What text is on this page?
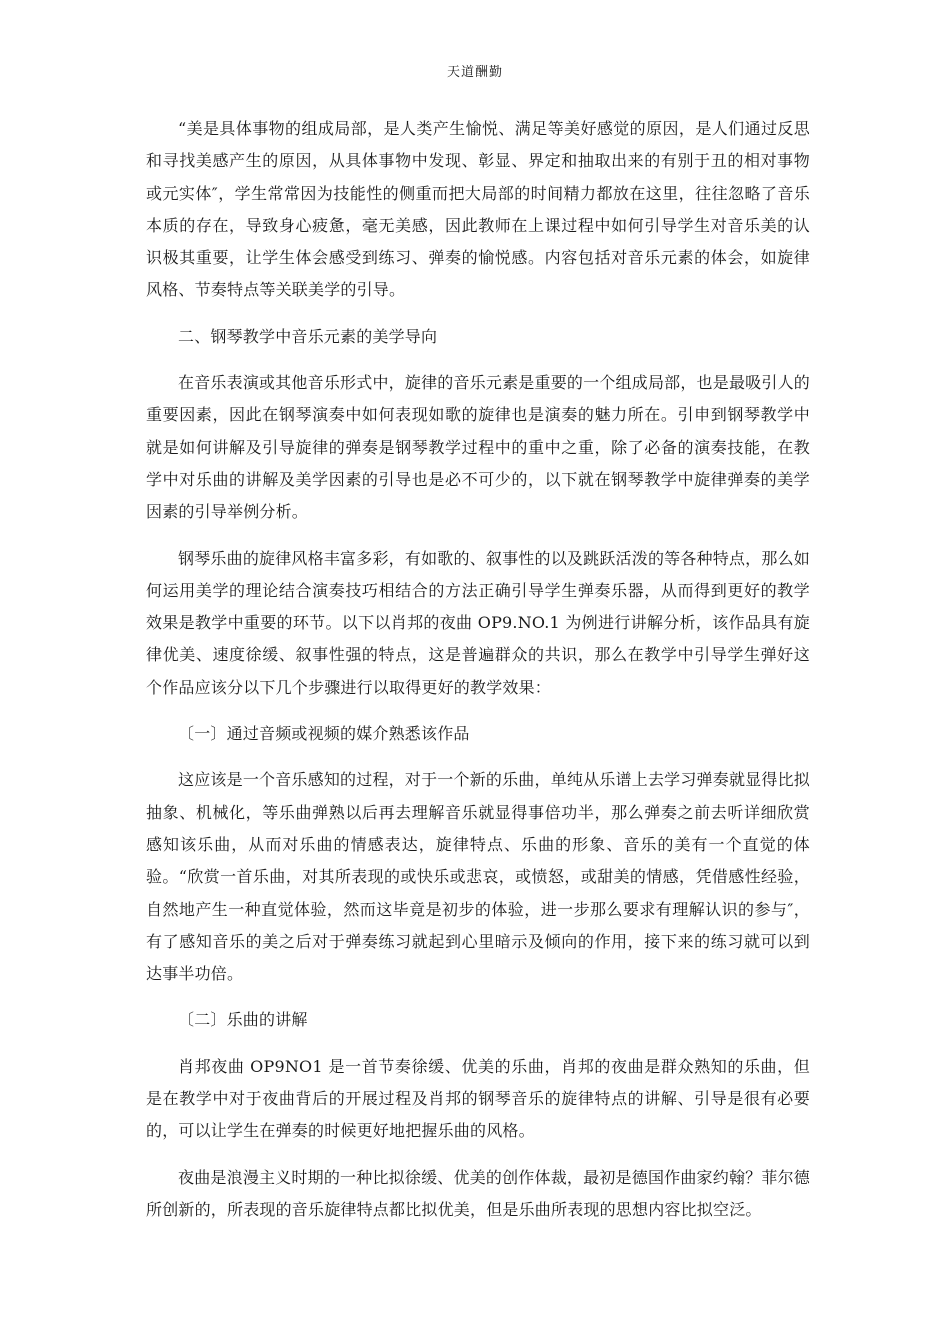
天道酬勤

“美是具体事物的组成局部，是人类产生愉悦、满足等美好感觉的原因，是人们通过反思和寻找美感产生的原因，从具体事物中发现、彰显、界定和抽取出来的有别于丑的相对事物或元实体″，学生常常因为技能性的侧重而把大局部的时间精力都放在这里，往往忽略了音乐本质的存在，导致身心疲惫，毫无美感，因此教师在上课过程中如何引导学生对音乐美的认识极其重要，让学生体会感受到练习、弹奏的愉悦感。内容包括对音乐元素的体会，如旋律风格、节奏特点等关联美学的引导。

二、钢琴教学中音乐元素的美学导向

在音乐表演或其他音乐形式中，旋律的音乐元素是重要的一个组成局部，也是最吸引人的重要因素，因此在钢琴演奏中如何表现如歌的旋律也是演奏的魅力所在。引申到钢琴教学中就是如何讲解及引导旋律的弹奏是钢琴教学过程中的重中之重，除了必备的演奏技能，在教学中对乐曲的讲解及美学因素的引导也是必不可少的，以下就在钢琴教学中旋律弹奏的美学因素的引导举例分析。

钢琴乐曲的旋律风格丰富多彩，有如歌的、叙事性的以及跳跃活泼的等各种特点，那么如何运用美学的理论结合演奏技巧相结合的方法正确引导学生弹奏乐器，从而得到更好的教学效果是教学中重要的环节。以下以肖邦的夜曲 OP9.NO.1 为例进行讲解分析，该作品具有旋律优美、速度徐缓、叙事性强的特点，这是普遍群众的共识，那么在教学中引导学生弹好这个作品应该分以下几个步骤进行以取得更好的教学效果：

〔一〕通过音频或视频的媒介熟悉该作品

这应该是一个音乐感知的过程，对于一个新的乐曲，单纯从乐谱上去学习弹奏就显得比拟抽象、机械化，等乐曲弹熟以后再去理解音乐就显得事倍功半，那么弹奏之前去听详细欣赏感知该乐曲，从而对乐曲的情感表达，旋律特点、乐曲的形象、音乐的美有一个直觉的体验。“欣赏一首乐曲，对其所表现的或快乐或悲哀，或愤怒，或甜美的情感，凭借感性经验，自然地产生一种直觉体验，然而这毕竟是初步的体验，进一步那么要求有理解认识的参与″，有了感知音乐的美之后对于弹奏练习就起到心里暗示及倾向的作用，接下来的练习就可以到达事半功倍。

〔二〕乐曲的讲解

肖邦夜曲 OP9NO1 是一首节奏徐缓、优美的乐曲，肖邦的夜曲是群众熟知的乐曲，但是在教学中对于夜曲背后的开展过程及肖邦的钢琴音乐的旋律特点的讲解、引导是很有必要的，可以让学生在弹奏的时候更好地把握乐曲的风格。

夜曲是浪漫主义时期的一种比拟徐缓、优美的创作体裁，最初是德国作曲家约翰？菲尔德所创新的，所表现的音乐旋律特点都比拟优美，但是乐曲所表现的思想内容比拟空泛。
